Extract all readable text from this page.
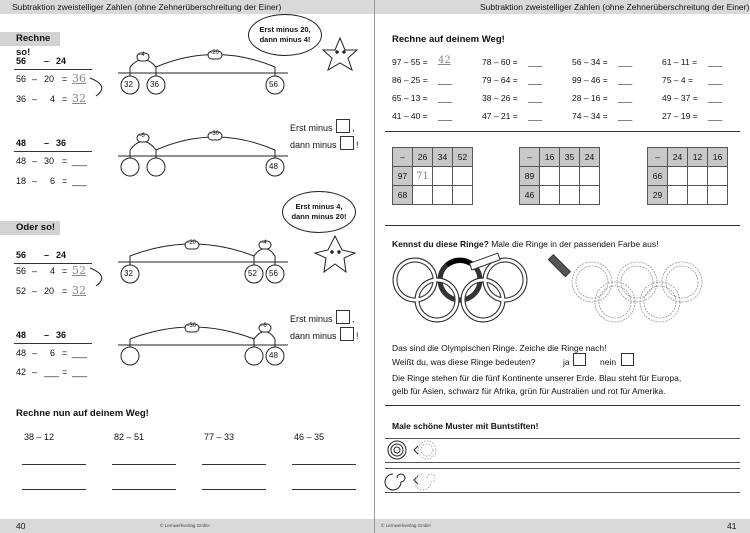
Subtraktion zweistelliger Zahlen (ohne Zehnerüberschreitung der Einer)
Rechne so!
Oder so!
56 – 24
56 – 20 = 36
36 – 4 = 32
48 – 36
48 – 30 = ___
18 – 6 = ___
56 – 24
56 – 4 = 52
52 – 20 = 32
48 – 36
48 – 6 = ___
42 – ___ = ___
–4	–20
–6	–30
–20	–4
–30	–6
32 36	56
48
32	52 56
48
Erst minus 20,
dann minus 4!
Erst minus 4,
dann minus 20!
Erst minus ,
dann minus !
Erst minus ,
dann minus !
Rechne nun auf deinem Weg!
38 – 12	82 – 51	77 – 33	46 – 35
40	© Lernwerkverlag GmbH
Subtraktion zweistelliger Zahlen (ohne Zehnerüberschreitung der Einer)
Rechne auf deinem Weg!
97 – 55 = 42	78 – 60 = ___	56 – 34 = ___	61 – 11 = ___
86 – 25 = ___	79 – 64 = ___	99 – 46 = ___	75 – 4 = ___
65 – 13 = ___	38 – 26 = ___	28 – 16 = ___	49 – 37 = ___
41 – 40 = ___	47 – 21 = ___	74 – 34 = ___	27 – 19 = ___
–	26	34	52
97	71		
68			
–	16	35	24
89			
46			
–	24	12	16
66			
29			
Kennst du diese Ringe? Male die Ringe in der passenden Farbe aus!
Das sind die Olympischen Ringe. Zeiche die Ringe nach!
Weißt du, was diese Ringe bedeuten?	ja	nein
Die Ringe stehen für die fünf Kontinente unserer Erde. Blau steht für Europa,
gelb für Asien, schwarz für Afrika, grün für Australien und rot für Amerika.
Male schöne Muster mit Buntstiften!
© Lernwerkverlag GmbH	41
